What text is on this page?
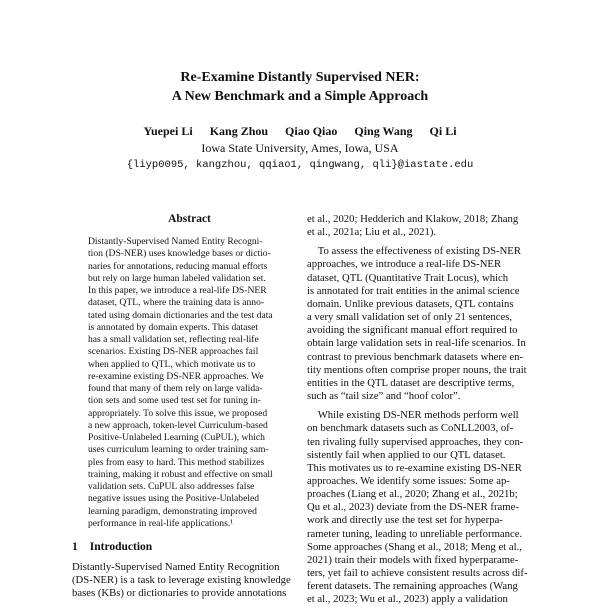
Re-Examine Distantly Supervised NER:
A New Benchmark and a Simple Approach
Yuepei Li Kang Zhou Qiao Qiao Qing Wang Qi Li
Iowa State University, Ames, Iowa, USA
{liyp0095, kangzhou, qqiao1, qingwang, qli}@iastate.edu
Abstract
Distantly-Supervised Named Entity Recogni-
tion (DS-NER) uses knowledge bases or dictio-
naries for annotations, reducing manual efforts
but rely on large human labeled validation set.
In this paper, we introduce a real-life DS-NER
dataset, QTL, where the training data is anno-
tated using domain dictionaries and the test data
is annotated by domain experts. This dataset
has a small validation set, reflecting real-life
scenarios. Existing DS-NER approaches fail
when applied to QTL, which motivate us to
re-examine existing DS-NER approaches. We
found that many of them rely on large valida-
tion sets and some used test set for tuning in-
appropriately. To solve this issue, we proposed
a new approach, token-level Curriculum-based
Positive-Unlabeled Learning (CuPUL), which
uses curriculum learning to order training sam-
ples from easy to hard. This method stabilizes
training, making it robust and effective on small
validation sets. CuPUL also addresses false
negative issues using the Positive-Unlabeled
learning paradigm, demonstrating improved
performance in real-life applications.¹
1 Introduction
Distantly-Supervised Named Entity Recognition
(DS-NER) is a task to leverage existing knowledge
bases (KBs) or dictionaries to provide annotations
et al., 2020; Hedderich and Klakow, 2018; Zhang
et al., 2021a; Liu et al., 2021).
 To assess the effectiveness of existing DS-NER
approaches, we introduce a real-life DS-NER
dataset, QTL (Quantitative Trait Locus), which
is annotated for trait entities in the animal science
domain. Unlike previous datasets, QTL contains
a very small validation set of only 21 sentences,
avoiding the significant manual effort required to
obtain large validation sets in real-life scenarios. In
contrast to previous benchmark datasets where en-
tity mentions often comprise proper nouns, the trait
entities in the QTL dataset are descriptive terms,
such as “tail size” and “hoof color”.
 While existing DS-NER methods perform well
on benchmark datasets such as CoNLL2003, of-
ten rivaling fully supervised approaches, they con-
sistently fail when applied to our QTL dataset.
This motivates us to re-examine existing DS-NER
approaches. We identify some issues: Some ap-
proaches (Liang et al., 2020; Zhang et al., 2021b;
Qu et al., 2023) deviate from the DS-NER frame-
work and directly use the test set for hyperpa-
rameter tuning, leading to unreliable performance.
Some approaches (Shang et al., 2018; Meng et al.,
2021) train their models with fixed hyperparame-
ters, yet fail to achieve consistent results across dif-
ferent datasets. The remaining approaches (Wang
et al., 2023; Wu et al., 2023) apply a validation
